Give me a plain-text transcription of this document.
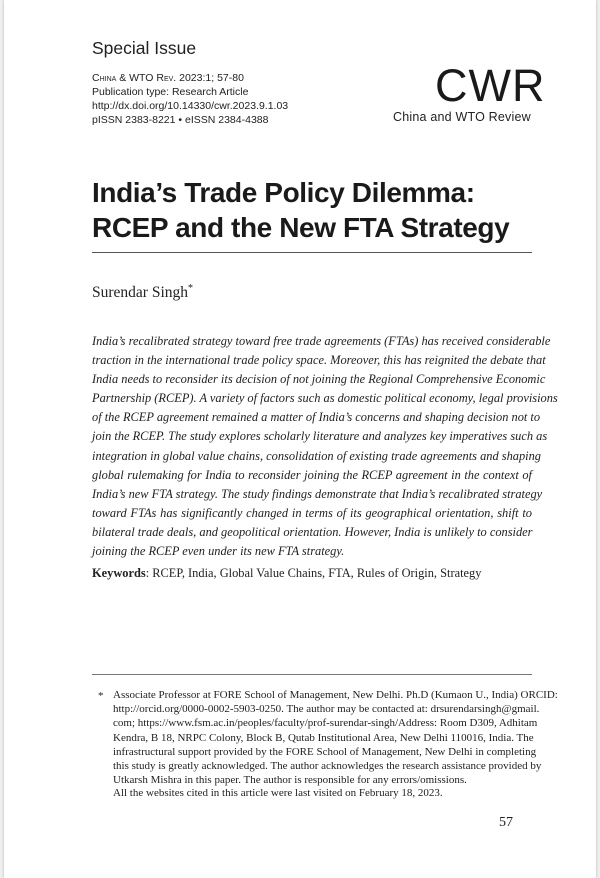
Special Issue
China & WTO Rev. 2023:1; 57-80
Publication type: Research Article
http://dx.doi.org/10.14330/cwr.2023.9.1.03
pISSN 2383-8221 • eISSN 2384-4388
CWR
China and WTO Review
India’s Trade Policy Dilemma:
RCEP and the New FTA Strategy
Surendar Singh*
India’s recalibrated strategy toward free trade agreements (FTAs) has received considerable
traction in the international trade policy space. Moreover, this has reignited the debate that
India needs to reconsider its decision of not joining the Regional Comprehensive Economic
Partnership (RCEP). A variety of factors such as domestic political economy, legal provisions
of the RCEP agreement remained a matter of India’s concerns and shaping decision not to
join the RCEP. The study explores scholarly literature and analyzes key imperatives such as
integration in global value chains, consolidation of existing trade agreements and shaping
global rulemaking for India to reconsider joining the RCEP agreement in the context of
India’s new FTA strategy. The study findings demonstrate that India’s recalibrated strategy
toward FTAs has significantly changed in terms of its geographical orientation, shift to
bilateral trade deals, and geopolitical orientation. However, India is unlikely to consider
joining the RCEP even under its new FTA strategy.
Keywords: RCEP, India, Global Value Chains, FTA, Rules of Origin, Strategy
* Associate Professor at FORE School of Management, New Delhi. Ph.D (Kumaon U., India) ORCID:
http://orcid.org/0000-0002-5903-0250. The author may be contacted at: drsurendarsingh@gmail.
com; https://www.fsm.ac.in/peoples/faculty/prof-surendar-singh/Address: Room D309, Adhitam
Kendra, B 18, NRPC Colony, Block B, Qutab Institutional Area, New Delhi 110016, India. The
infrastructural support provided by the FORE School of Management, New Delhi in completing
this study is greatly acknowledged. The author acknowledges the research assistance provided by
Utkarsh Mishra in this paper. The author is responsible for any errors/omissions.
All the websites cited in this article were last visited on February 18, 2023.
57
